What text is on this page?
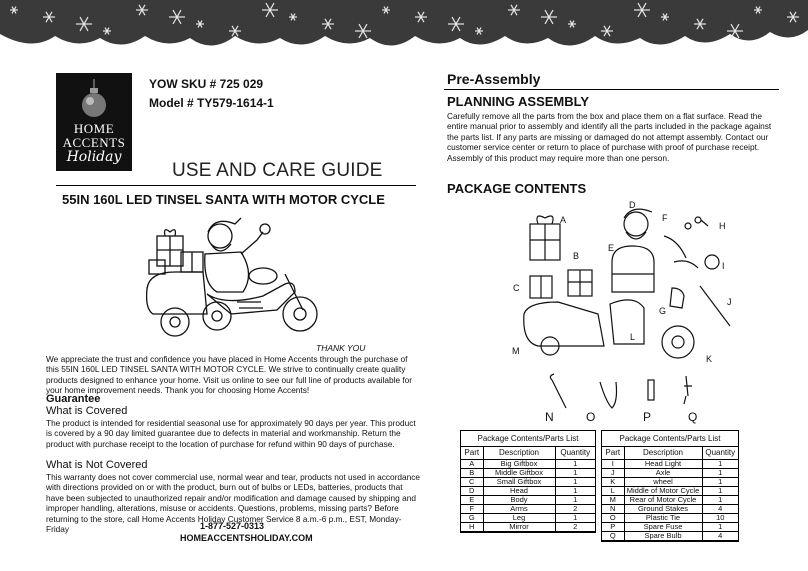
HOME
ACCENTS
Holiday
YOW SKU # 725 029
Model # TY579-1614-1
USE AND CARE GUIDE
55IN 160L LED TINSEL SANTA WITH MOTOR CYCLE
THANK YOU
We appreciate the trust and confidence you have placed in Home Accents through the purchase of this 55IN 160L LED TINSEL SANTA WITH MOTOR CYCLE. We strive to continually create quality products designed to enhance your home. Visit us online to see our full line of products available for your home improvement needs. Thank you for choosing Home Accents!
Guarantee
What is Covered
The product is intended for residential seasonal use for approximately 90 days per year. This product is covered by a 90 day limited guarantee due to defects in material and workmanship. Return the product with purchase receipt to the location of purchase for refund within 90 days of purchase.
What is Not Covered
This warranty does not cover commercial use, normal wear and tear, products not used in accordance with directions provided on or with the product, burn out of bulbs or LEDs, batteries, products that have been subjected to unauthorized repair and/or modification and damage caused by shipping and improper handling, alterations, misuse or accidents. Questions, problems, missing parts? Before returning to the store, call Home Accents Holiday Customer Service 8 a.m.-6 p.m., EST, Monday-Friday	1-877-527-0313
HOMEACCENTSHOLIDAY.COM
Pre-Assembly
PLANNING ASSEMBLY
Carefully remove all the parts from the box and place them on a flat surface. Read the entire manual prior to assembly and identify all the parts included in the package against the parts list. If any parts are missing or damaged do not attempt assembly. Contact our customer service center or return to place of purchase with proof of purchase receipt. Assembly of this product may require more than one person.
PACKAGE CONTENTS
A
B
C
D
E
F
G
H
I
J
K
L
M
N	O	P	Q
Package Contents/Parts List
Part	Description	Quantity
A	Big Giftbox	1
B	Middle Giftbox	1
C	Small Giftbox	1
D	Head	1
E	Body	1
F	Arms	2
G	Leg	1
H	Mirror	2
Package Contents/Parts List
Part	Description	Quantity
I	Head Light	1
J	Axle	1
K	wheel	1
L	Middle of Motor Cycle	1
M	Rear of Motor Cycle	1
N	Ground Stakes	4
O	Plastic Tie	10
P	Spare Fuse	1
Q	Spare Bulb	4
